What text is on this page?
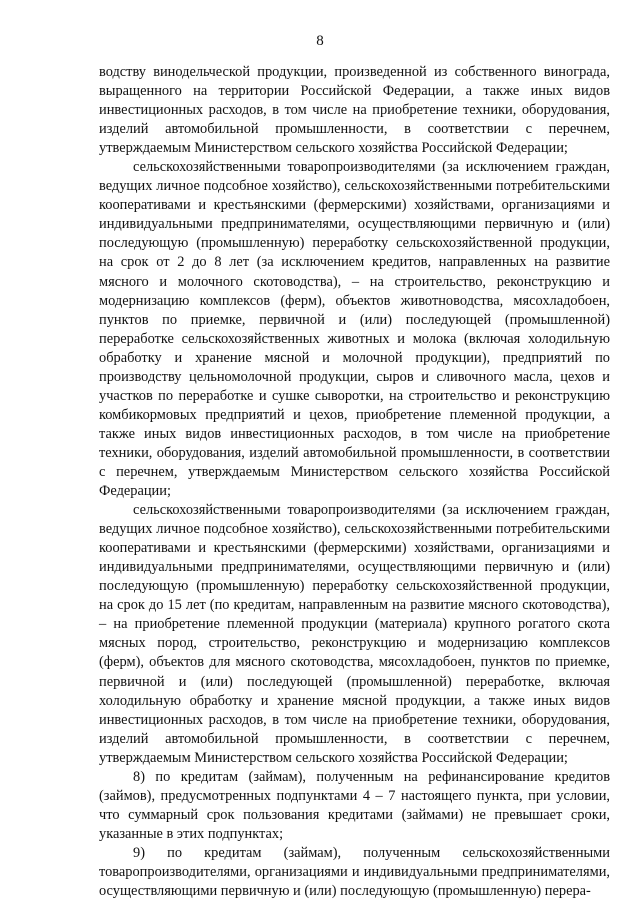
8

водству винодельческой продукции, произведенной из собственного винограда, выращенного на территории Российской Федерации, а также иных видов инвестиционных расходов, в том числе на приобретение техники, оборудования, изделий автомобильной промышленности, в соответствии с перечнем, утверждаемым Министерством сельского хозяйства Российской Федерации;

сельскохозяйственными товаропроизводителями (за исключением граждан, ведущих личное подсобное хозяйство), сельскохозяйственными потребительскими кооперативами и крестьянскими (фермерскими) хозяйствами, организациями и индивидуальными предпринимателями, осуществляющими первичную и (или) последующую (промышленную) переработку сельскохозяйственной продукции, на срок от 2 до 8 лет (за исключением кредитов, направленных на развитие мясного и молочного скотоводства), – на строительство, реконструкцию и модернизацию комплексов (ферм), объектов животноводства, мясохладобоен, пунктов по приемке, первичной и (или) последующей (промышленной) переработке сельскохозяйственных животных и молока (включая холодильную обработку и хранение мясной и молочной продукции), предприятий по производству цельномолочной продукции, сыров и сливочного масла, цехов и участков по переработке и сушке сыворотки, на строительство и реконструкцию комбикормовых предприятий и цехов, приобретение племенной продукции, а также иных видов инвестиционных расходов, в том числе на приобретение техники, оборудования, изделий автомобильной промышленности, в соответствии с перечнем, утверждаемым Министерством сельского хозяйства Российской Федерации;

сельскохозяйственными товаропроизводителями (за исключением граждан, ведущих личное подсобное хозяйство), сельскохозяйственными потребительскими кооперативами и крестьянскими (фермерскими) хозяйствами, организациями и индивидуальными предпринимателями, осуществляющими первичную и (или) последующую (промышленную) переработку сельскохозяйственной продукции, на срок до 15 лет (по кредитам, направленным на развитие мясного скотоводства), – на приобретение племенной продукции (материала) крупного рогатого скота мясных пород, строительство, реконструкцию и модернизацию комплексов (ферм), объектов для мясного скотоводства, мясохладобоен, пунктов по приемке, первичной и (или) последующей (промышленной) переработке, включая холодильную обработку и хранение мясной продукции, а также иных видов инвестиционных расходов, в том числе на приобретение техники, оборудования, изделий автомобильной промышленности, в соответствии с перечнем, утверждаемым Министерством сельского хозяйства Российской Федерации;

8) по кредитам (займам), полученным на рефинансирование кредитов (займов), предусмотренных подпунктами 4 – 7 настоящего пункта, при условии, что суммарный срок пользования кредитами (займами) не превышает сроки, указанные в этих подпунктах;

9) по кредитам (займам), полученным сельскохозяйственными товаропроизводителями, организациями и индивидуальными предпринимателями, осуществляющими первичную и (или) последующую (промышленную) перера-
